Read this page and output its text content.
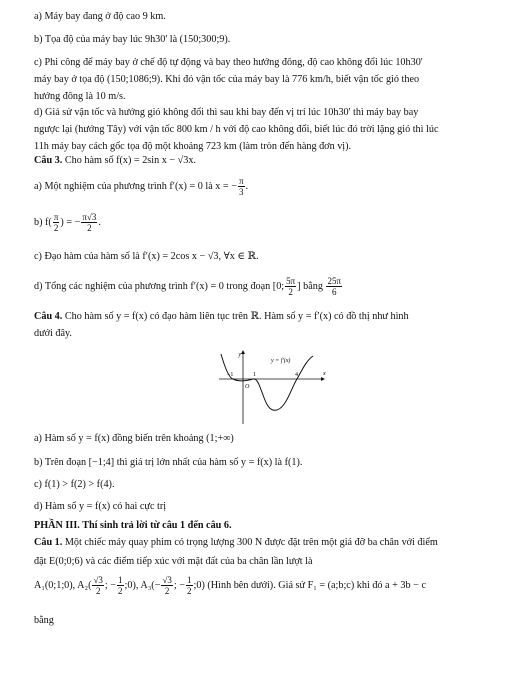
a) Máy bay đang ở độ cao 9 km.
b) Tọa độ của máy bay lúc 9h30' là (150;300;9).
c) Phi công để máy bay ở chế độ tự động và bay theo hướng đông, độ cao không đổi lúc 10h30'
máy bay ở tọa độ (150;1086;9). Khi đó vận tốc của máy bay là 776 km/h, biết vận tốc gió theo
hướng đông là 10 m/s.
d) Giả sử vận tốc và hướng gió không đổi thì sau khi bay đến vị trí lúc 10h30' thì máy bay bay
ngược lại (hướng Tây) với vận tốc 800 km / h với độ cao không đổi, biết lúc đó trời lặng gió thì lúc
11h máy bay cách gốc tọa độ một khoảng 723 km (làm tròn đến hàng đơn vị).
Câu 3. Cho hàm số f(x) = 2sin x − √3x.
a) Một nghiệm của phương trình f′(x) = 0 là x = − $\frac{\pi}{3}$ .
b) $f( \frac{\pi}{2}$ ) = − $\frac{\pi√3}{2}$ .
c) Đạo hàm của hàm số là f′(x) = 2cos x − √3, ∀x ∈ ℝ.
d) Tổng các nghiệm của phương trình f′(x) = 0 trong đoạn [0; $\frac{5\pi}{2}$ ] bằng $\frac{25\pi}{6}$
Câu 4. Cho hàm số y = f(x) có đạo hàm liên tục trên ℝ. Hàm số y = f′(x) có đồ thị như hình
dưới đây.
y
x
y = f′(x)
O
−1	1	4
a) Hàm số y = f(x) đồng biến trên khoảng (1;+∞)
b) Trên đoạn [−1;4] thì giá trị lớn nhất của hàm số y = f(x) là f(1).
c) f(1) > f(2) > f(4).
d) Hàm số y = f(x) có hai cực trị
PHẦN III. Thí sinh trả lời từ câu 1 đến câu 6.
Câu 1. Một chiếc máy quay phim có trọng lượng 300 N được đặt trên một giá đỡ ba chân với điểm
đặt E(0;0;6) và các điểm tiếp xúc với mặt đất của ba chân lần lượt là
A₁(0;1;0), $A_2( \frac{√3}{2}$ ; − $\frac{1}{2}$ ;0), $A_3(- \frac{√3}{2}$ ; − $\frac{1}{2}$ ;0) (Hình bên dưới). Giả sử F₁ = (a;b;c) khi đó a + 3b − c
bằng
